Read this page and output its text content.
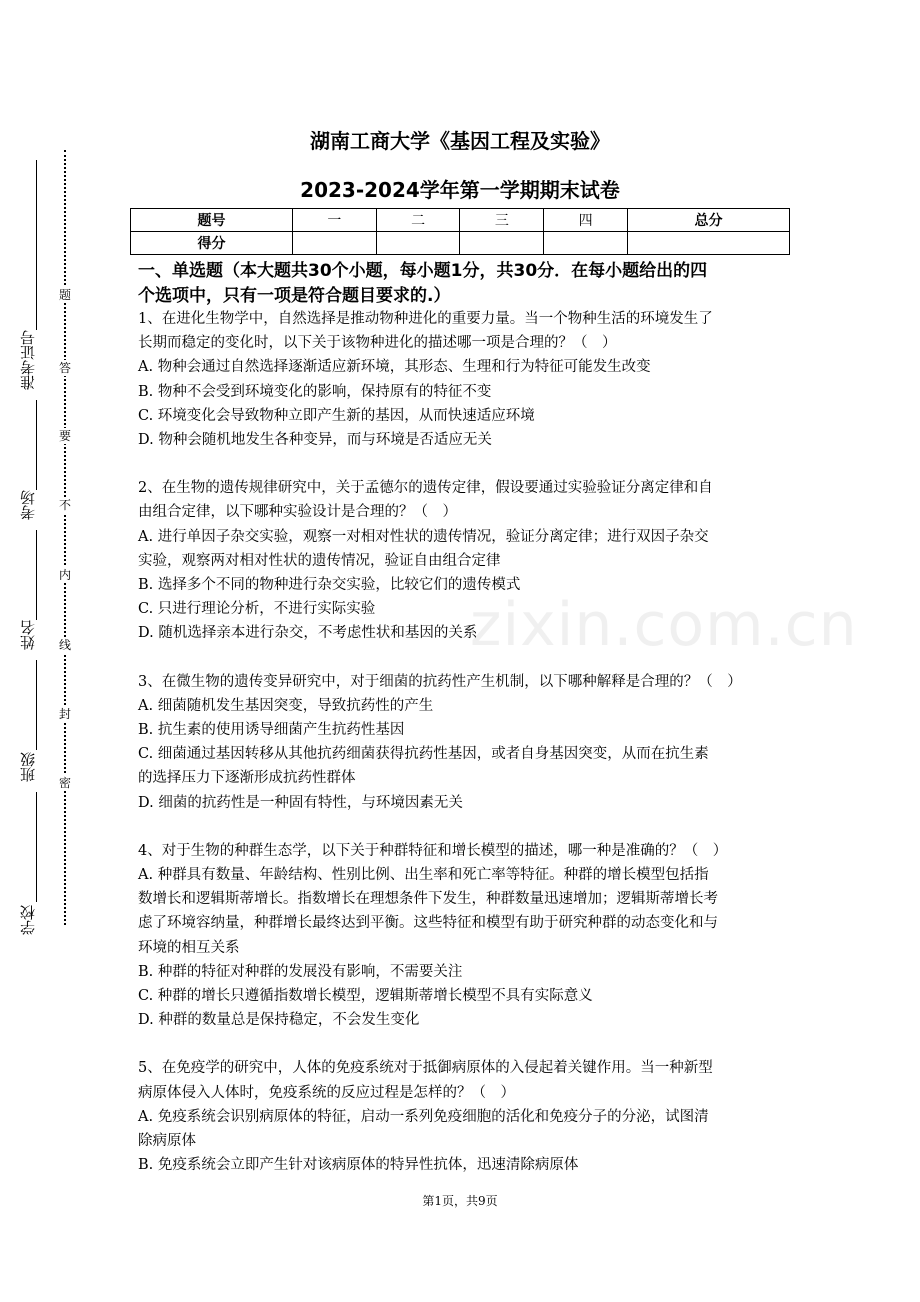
题
答
要
不
内
线
封
密
准考证号
考场
姓名
班级
学校
zixin.com.cn
湖南工商大学《基因工程及实验》
2023-2024学年第一学期期末试卷
题号	一	二	三	四	总分
得分					
一、单选题（本大题共30个小题，每小题1分，共30分．在每小题给出的四
个选项中，只有一项是符合题目要求的.）

1、在进化生物学中，自然选择是推动物种进化的重要力量。当一个物种生活的环境发生了

长期而稳定的变化时，以下关于该物种进化的描述哪一项是合理的？（　）

A. 物种会通过自然选择逐渐适应新环境，其形态、生理和行为特征可能发生改变

B. 物种不会受到环境变化的影响，保持原有的特征不变

C. 环境变化会导致物种立即产生新的基因，从而快速适应环境

D. 物种会随机地发生各种变异，而与环境是否适应无关

2、在生物的遗传规律研究中，关于孟德尔的遗传定律，假设要通过实验验证分离定律和自

由组合定律，以下哪种实验设计是合理的？（　）

A. 进行单因子杂交实验，观察一对相对性状的遗传情况，验证分离定律；进行双因子杂交

实验，观察两对相对性状的遗传情况，验证自由组合定律

B. 选择多个不同的物种进行杂交实验，比较它们的遗传模式

C. 只进行理论分析，不进行实际实验

D. 随机选择亲本进行杂交，不考虑性状和基因的关系

3、在微生物的遗传变异研究中，对于细菌的抗药性产生机制，以下哪种解释是合理的？（　）

A. 细菌随机发生基因突变，导致抗药性的产生

B. 抗生素的使用诱导细菌产生抗药性基因

C. 细菌通过基因转移从其他抗药细菌获得抗药性基因，或者自身基因突变，从而在抗生素

的选择压力下逐渐形成抗药性群体

D. 细菌的抗药性是一种固有特性，与环境因素无关

4、对于生物的种群生态学，以下关于种群特征和增长模型的描述，哪一种是准确的？（　）

A. 种群具有数量、年龄结构、性别比例、出生率和死亡率等特征。种群的增长模型包括指

数增长和逻辑斯蒂增长。指数增长在理想条件下发生，种群数量迅速增加；逻辑斯蒂增长考

虑了环境容纳量，种群增长最终达到平衡。这些特征和模型有助于研究种群的动态变化和与

环境的相互关系

B. 种群的特征对种群的发展没有影响，不需要关注

C. 种群的增长只遵循指数增长模型，逻辑斯蒂增长模型不具有实际意义

D. 种群的数量总是保持稳定，不会发生变化

5、在免疫学的研究中，人体的免疫系统对于抵御病原体的入侵起着关键作用。当一种新型

病原体侵入人体时，免疫系统的反应过程是怎样的？（　）

A. 免疫系统会识别病原体的特征，启动一系列免疫细胞的活化和免疫分子的分泌，试图清

除病原体

B. 免疫系统会立即产生针对该病原体的特异性抗体，迅速清除病原体

第1页，共9页
